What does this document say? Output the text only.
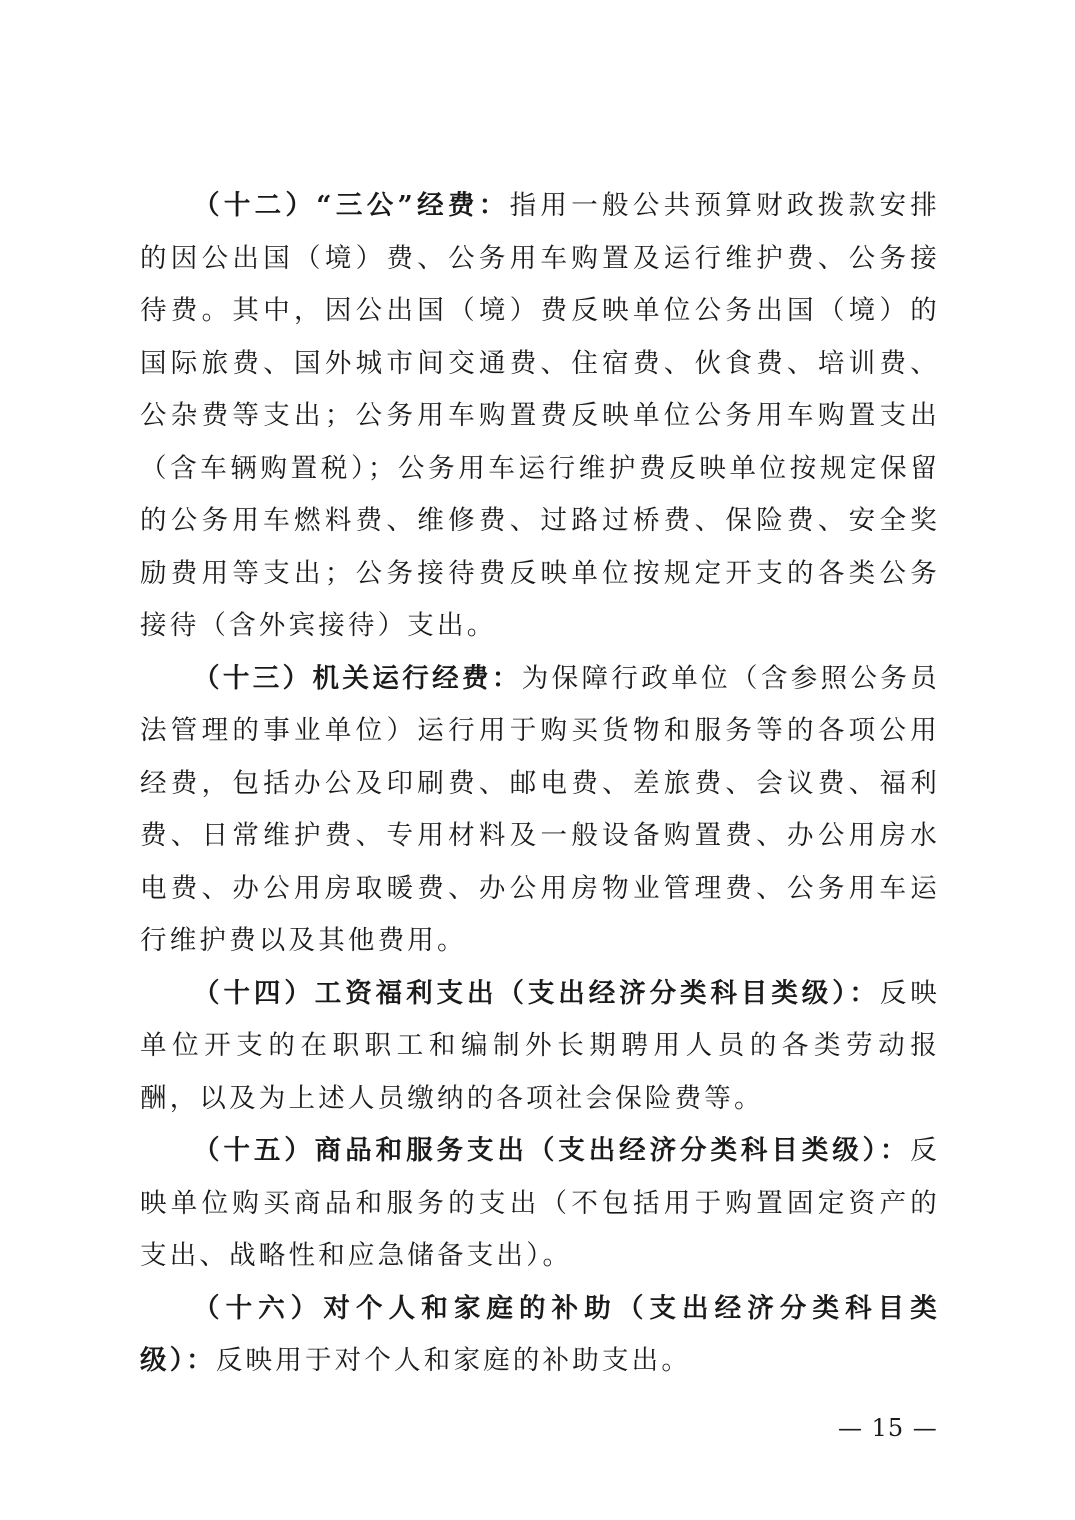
（十二）“三公”经费：指用一般公共预算财政拨款安排的因公出国（境）费、公务用车购置及运行维护费、公务接待费。其中，因公出国（境）费反映单位公务出国（境）的国际旅费、国外城市间交通费、住宿费、伙食费、培训费、公杂费等支出；公务用车购置费反映单位公务用车购置支出（含车辆购置税）；公务用车运行维护费反映单位按规定保留的公务用车燃料费、维修费、过路过桥费、保险费、安全奖励费用等支出；公务接待费反映单位按规定开支的各类公务接待（含外宾接待）支出。

（十三）机关运行经费：为保障行政单位（含参照公务员法管理的事业单位）运行用于购买货物和服务等的各项公用经费，包括办公及印刷费、邮电费、差旅费、会议费、福利费、日常维护费、专用材料及一般设备购置费、办公用房水电费、办公用房取暖费、办公用房物业管理费、公务用车运行维护费以及其他费用。

（十四）工资福利支出（支出经济分类科目类级）：反映单位开支的在职职工和编制外长期聘用人员的各类劳动报酬，以及为上述人员缴纳的各项社会保险费等。

（十五）商品和服务支出（支出经济分类科目类级）：反映单位购买商品和服务的支出（不包括用于购置固定资产的支出、战略性和应急储备支出）。

（十六）对个人和家庭的补助（支出经济分类科目类级）：反映用于对个人和家庭的补助支出。

— 15 —
